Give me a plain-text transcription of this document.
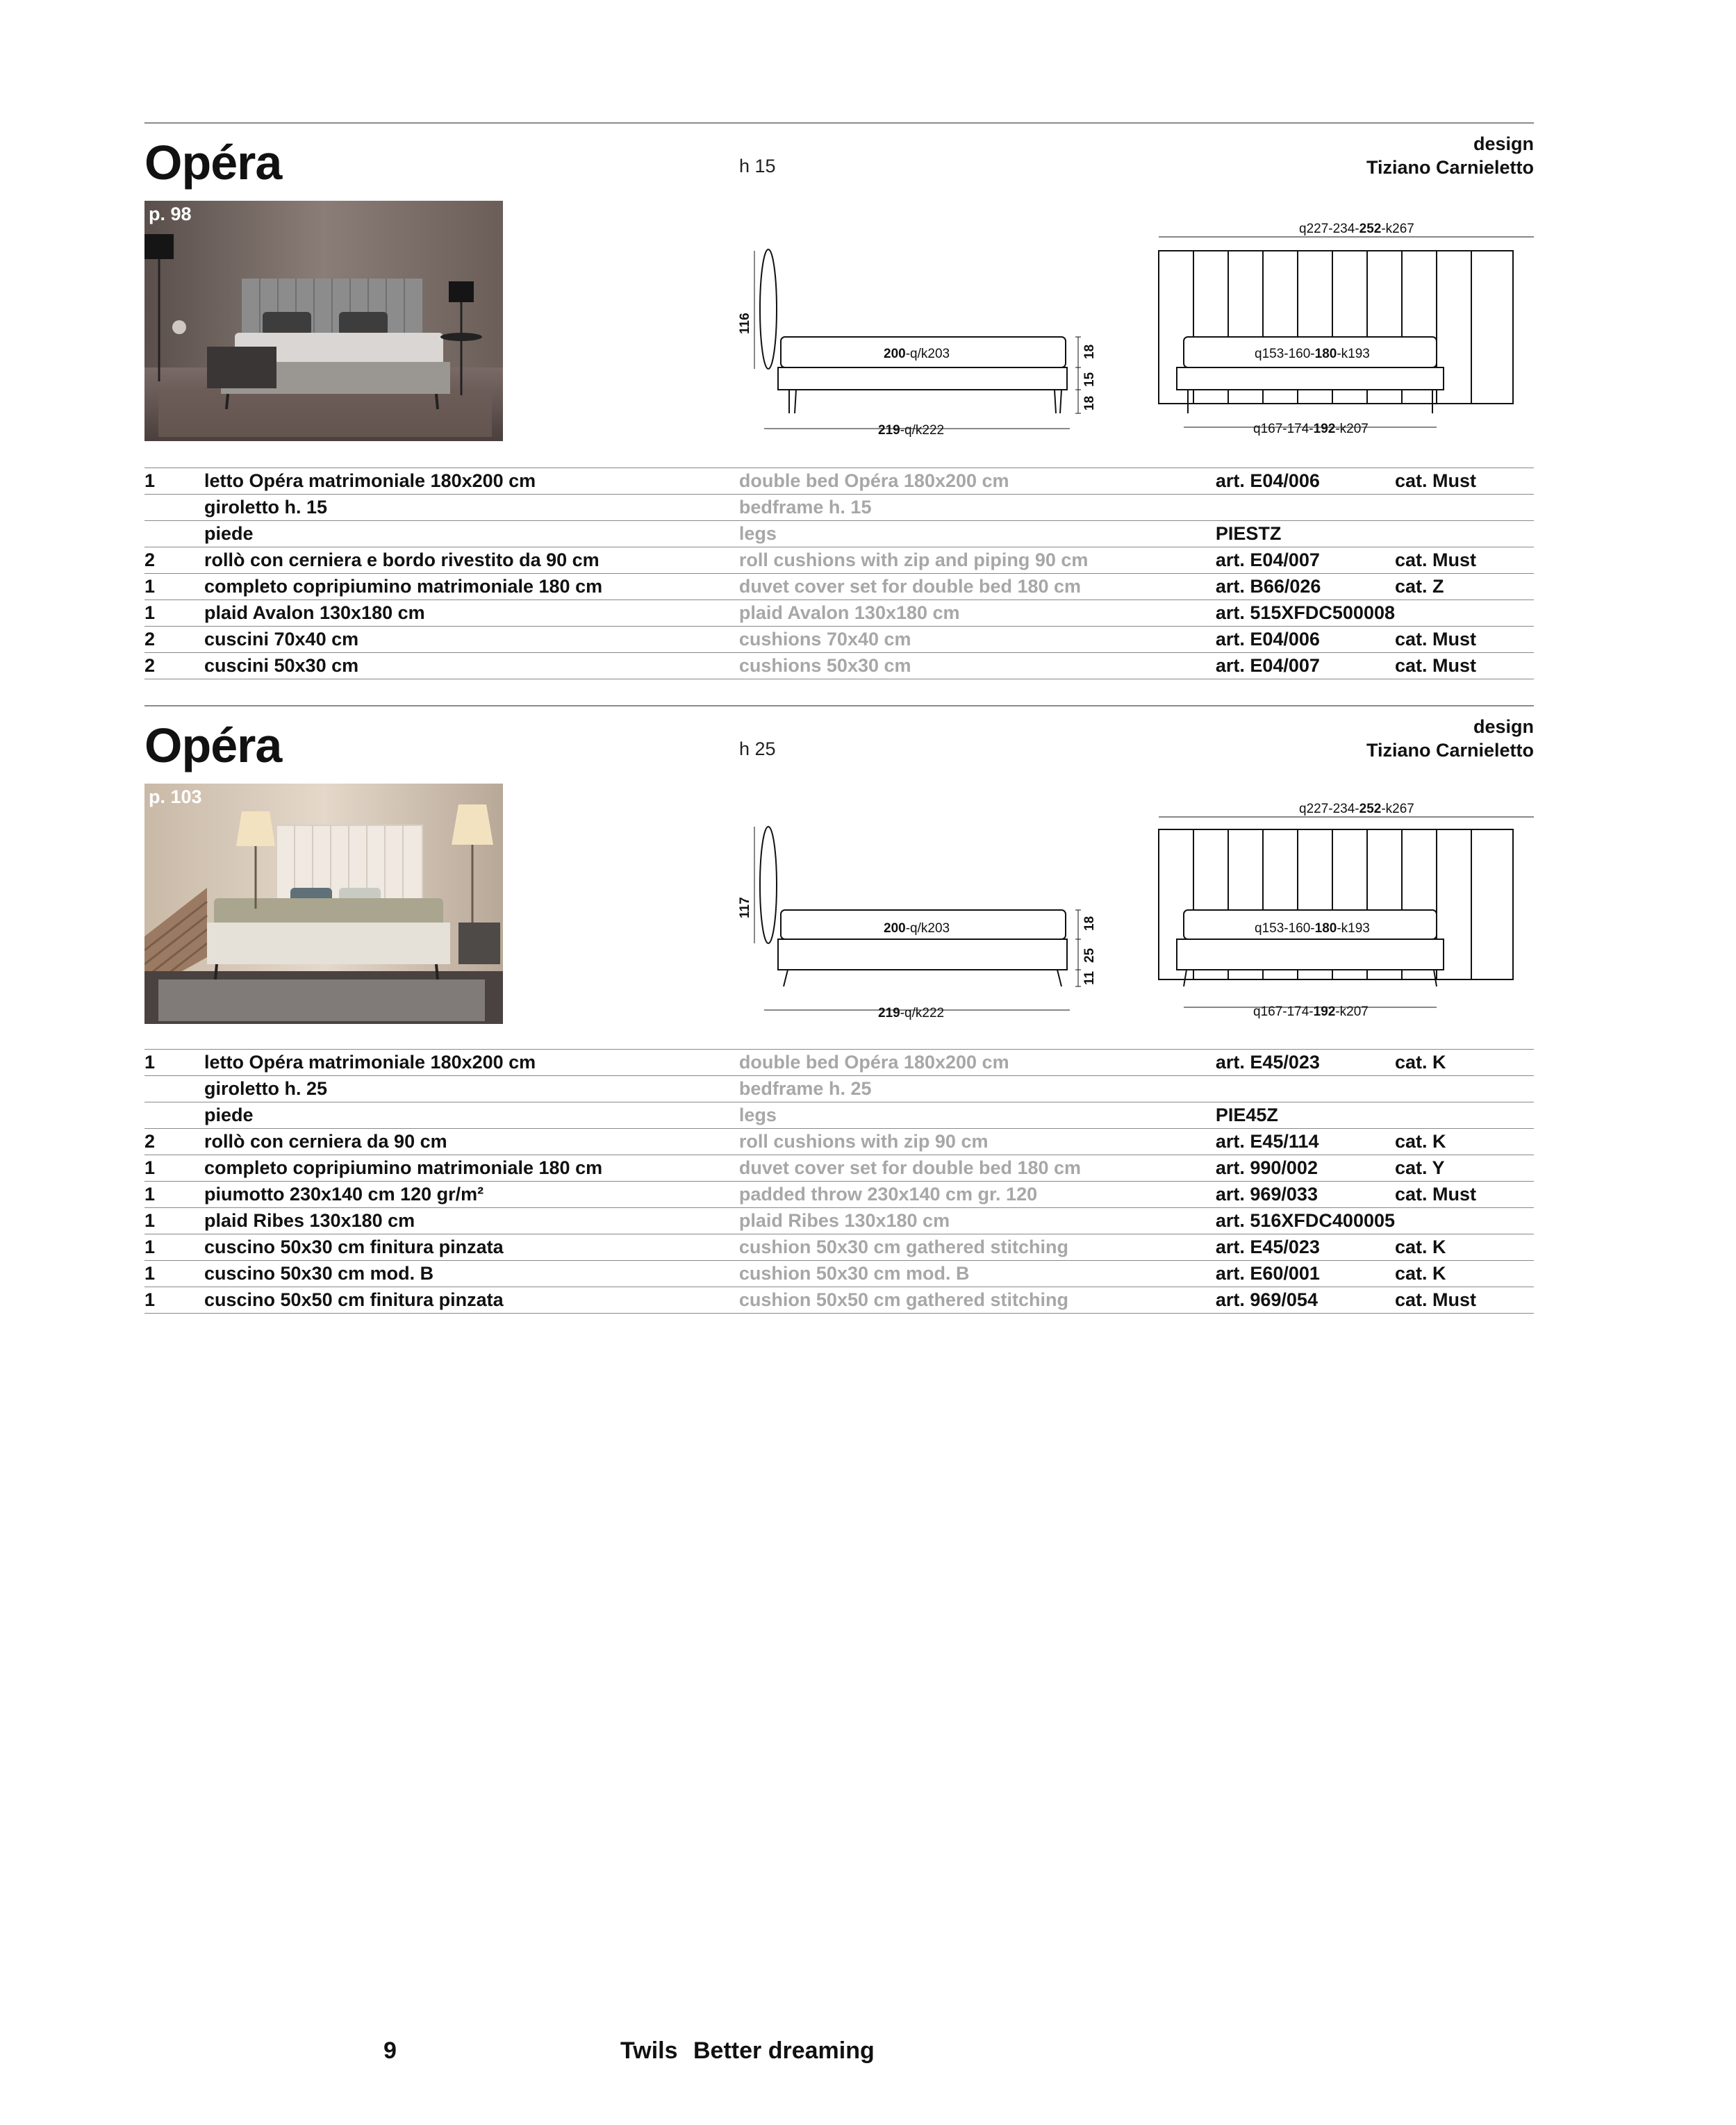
Opéra	h 15
design
Tiziano Carnieletto
p. 98
116
200-q/k203
219-q/k222
18
15
18
q227-234-252-k267
q153-160-180-k193
q167-174-192-k207
1	letto Opéra matrimoniale 180x200 cm	double bed Opéra 180x200 cm	art. E04/006	cat. Must
	giroletto h. 15	bedframe h. 15		
	piede	legs	PIESTZ	
2	rollò con cerniera e bordo rivestito da 90 cm	roll cushions with zip and piping 90 cm	art. E04/007	cat. Must
1	completo copripiumino matrimoniale 180 cm	duvet cover set for double bed 180 cm	art. B66/026	cat. Z
1	plaid Avalon 130x180 cm	plaid Avalon 130x180 cm	art. 515XFDC500008	
2	cuscini 70x40 cm	cushions 70x40 cm	art. E04/006	cat. Must
2	cuscini 50x30 cm	cushions 50x30 cm	art. E04/007	cat. Must
Opéra	h 25
design
Tiziano Carnieletto
p. 103
117
200-q/k203
219-q/k222
18
25
11
q227-234-252-k267
q153-160-180-k193
q167-174-192-k207
1	letto Opéra matrimoniale 180x200 cm	double bed Opéra 180x200 cm	art. E45/023	cat. K
	giroletto h. 25	bedframe h. 25		
	piede	legs	PIE45Z	
2	rollò con cerniera da 90 cm	roll cushions with zip 90 cm	art. E45/114	cat. K
1	completo copripiumino matrimoniale 180 cm	duvet cover set for double bed 180 cm	art. 990/002	cat. Y
1	piumotto 230x140 cm 120 gr/m²	padded throw 230x140 cm gr. 120	art. 969/033	cat. Must
1	plaid Ribes 130x180 cm	plaid Ribes 130x180 cm	art. 516XFDC400005	
1	cuscino 50x30 cm finitura pinzata	cushion 50x30 cm gathered stitching	art. E45/023	cat. K
1	cuscino 50x30 cm mod. B	cushion 50x30 cm mod. B	art. E60/001	cat. K
1	cuscino 50x50 cm finitura pinzata	cushion 50x50 cm gathered stitching	art. 969/054	cat. Must
9	Twils Better dreaming
